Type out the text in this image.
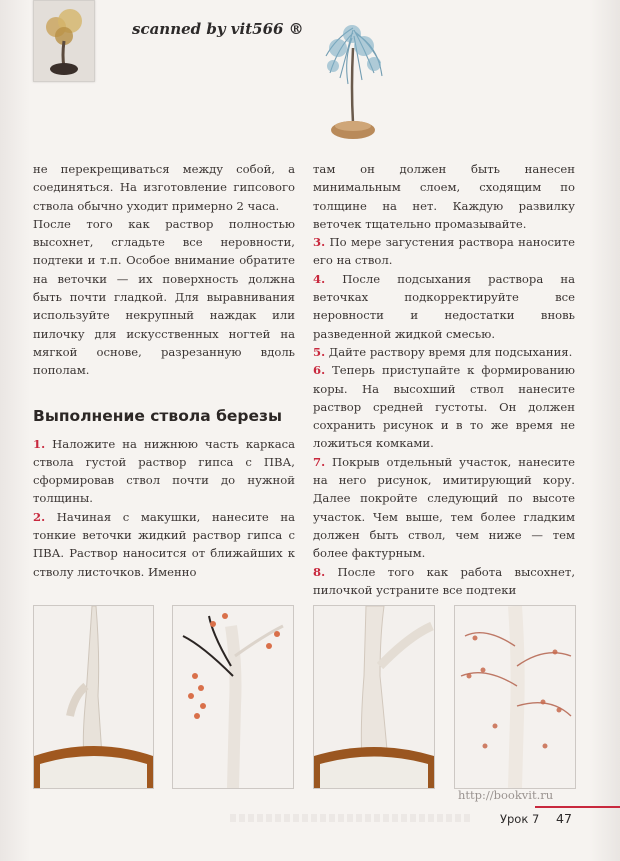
scanned by vit566 ®

не перекрещиваться между собой, а соединяться. На изготовление гипсового ствола обычно уходит примерно 2 часа.

После того как раствор полностью высохнет, сгладьте все неровности, подтеки и т.п. Особое внимание обратите на веточки — их поверхность должна быть почти гладкой. Для выравнивания используйте некрупный наждак или пилочку для искусственных ногтей на мягкой основе, разрезанную вдоль пополам.

Выполнение ствола березы

1. Наложите на нижнюю часть каркаса ствола густой раствор гипса с ПВА, сформировав ствол почти до нужной толщины.

2. Начиная с макушки, нанесите на тонкие веточки жидкий раствор гипса с ПВА. Раствор наносится от ближайших к стволу листочков. Именно

там он должен быть нанесен минимальным слоем, сходящим по толщине на нет. Каждую развилку веточек тщательно промазывайте.

3. По мере загустения раствора наносите его на ствол.

4. После подсыхания раствора на веточках подкорректируйте все неровности и недостатки вновь разведенной жидкой смесью.

5. Дайте раствору время для подсыхания.

6. Теперь приступайте к формированию коры. На высохший ствол нанесите раствор средней густоты. Он должен сохранить рисунок и в то же время не ложиться комками.

7. Покрыв отдельный участок, нанесите на него рисунок, имитирующий кору. Далее покройте следующий по высоте участок. Чем выше, тем более гладким должен быть ствол, чем ниже — тем более фактурным.

8. После того как работа высохнет, пилочкой устраните все подтеки

http://bookvit.ru
Урок 7 47
